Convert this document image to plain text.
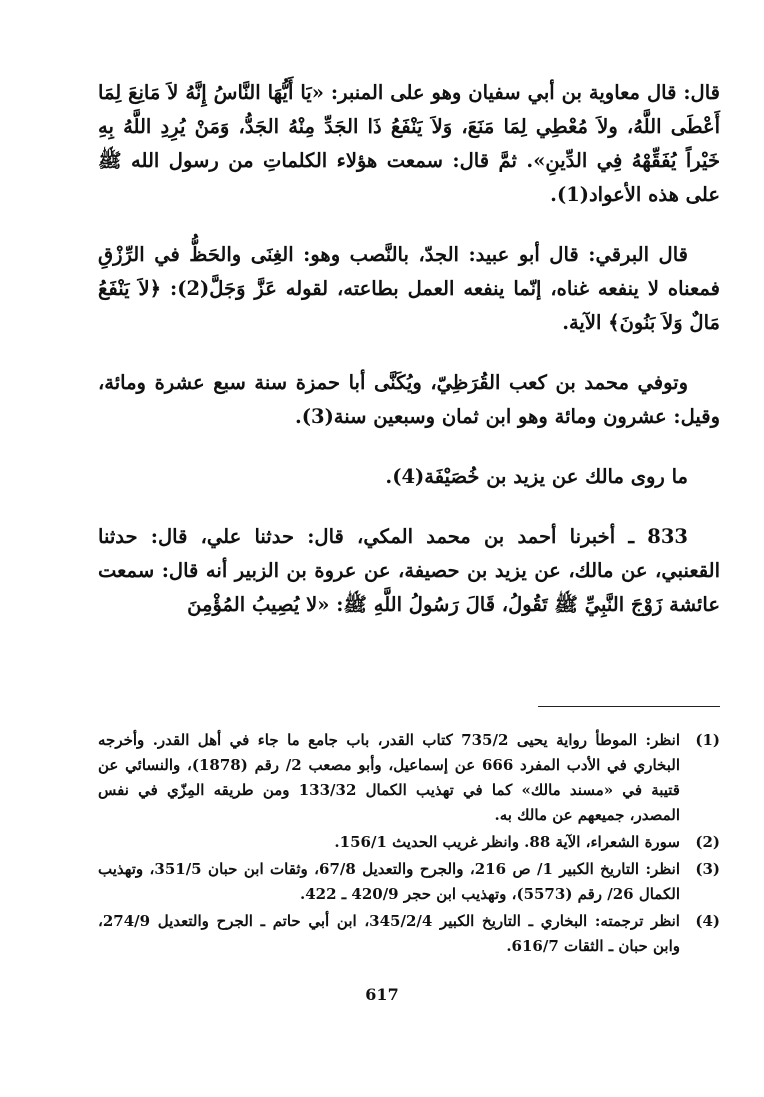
قال: قال معاوية بن أبي سفيان وهو على المنبر: «يَا أَيُّهَا النَّاسُ إِنَّهُ لاَ مَانِعَ لِمَا أَعْطَى اللَّهُ، ولاَ مُعْطِي لِمَا مَنَعَ، وَلاَ يَنْفَعُ ذَا الجَدِّ مِنْهُ الجَدُّ، وَمَنْ يُرِدِ اللَّهُ بِهِ خَيْراً يُفَقِّهْهُ فِي الدِّينِ». ثمَّ قال: سمعت هؤلاء الكلماتِ من رسول الله ﷺ على هذه الأعواد(1).

قال البرقي: قال أبو عبيد: الجدّ، بالنَّصب وهو: الغِنَى والحَظُّ في الرِّزْقِ فمعناه لا ينفعه غناه، إنّما ينفعه العمل بطاعته، لقوله عَزَّ وَجَلَّ(2): ﴿لاَ يَنْفَعُ مَالٌ وَلاَ بَنُونَ﴾ الآية.

وتوفي محمد بن كعب القُرَظِيّ، ويُكَنَّى أبا حمزة سنة سبع عشرة ومائة، وقيل: عشرون ومائة وهو ابن ثمان وسبعين سنة(3).

ما روى مالك عن يزيد بن خُصَيْفَة(4).

833 ـ أخبرنا أحمد بن محمد المكي، قال: حدثنا علي، قال: حدثنا القعنبي، عن مالك، عن يزيد بن حصيفة، عن عروة بن الزبير أنه قال: سمعت عائشة زَوْجَ النَّبِيِّ ﷺ تَقُولُ، قَالَ رَسُولُ اللَّهِ ﷺ: «لا يُصِيبُ المُؤْمِنَ

(1)

انظر: الموطأ رواية يحيى 735/2 كتاب القدر، باب جامع ما جاء في أهل القدر. وأخرجه البخاري في الأدب المفرد 666 عن إسماعيل، وأبو مصعب 2/ رقم (1878)، والنسائي عن قتيبة في «مسند مالك» كما في تهذيب الكمال 133/32 ومن طريقه المِزّي في نفس المصدر، جميعهم عن مالك به.

(2)

سورة الشعراء، الآية 88. وانظر غريب الحديث 156/1.

(3)

انظر: التاريخ الكبير 1/ ص 216، والجرح والتعديل 67/8، وثقات ابن حبان 351/5، وتهذيب الكمال 26/ رقم (5573)، وتهذيب ابن حجر 420/9 ـ 422.

(4)

انظر ترجمته: البخاري ـ التاريخ الكبير 345/2/4، ابن أبي حاتم ـ الجرح والتعديل 274/9، وابن حبان ـ الثقات 616/7.

617
